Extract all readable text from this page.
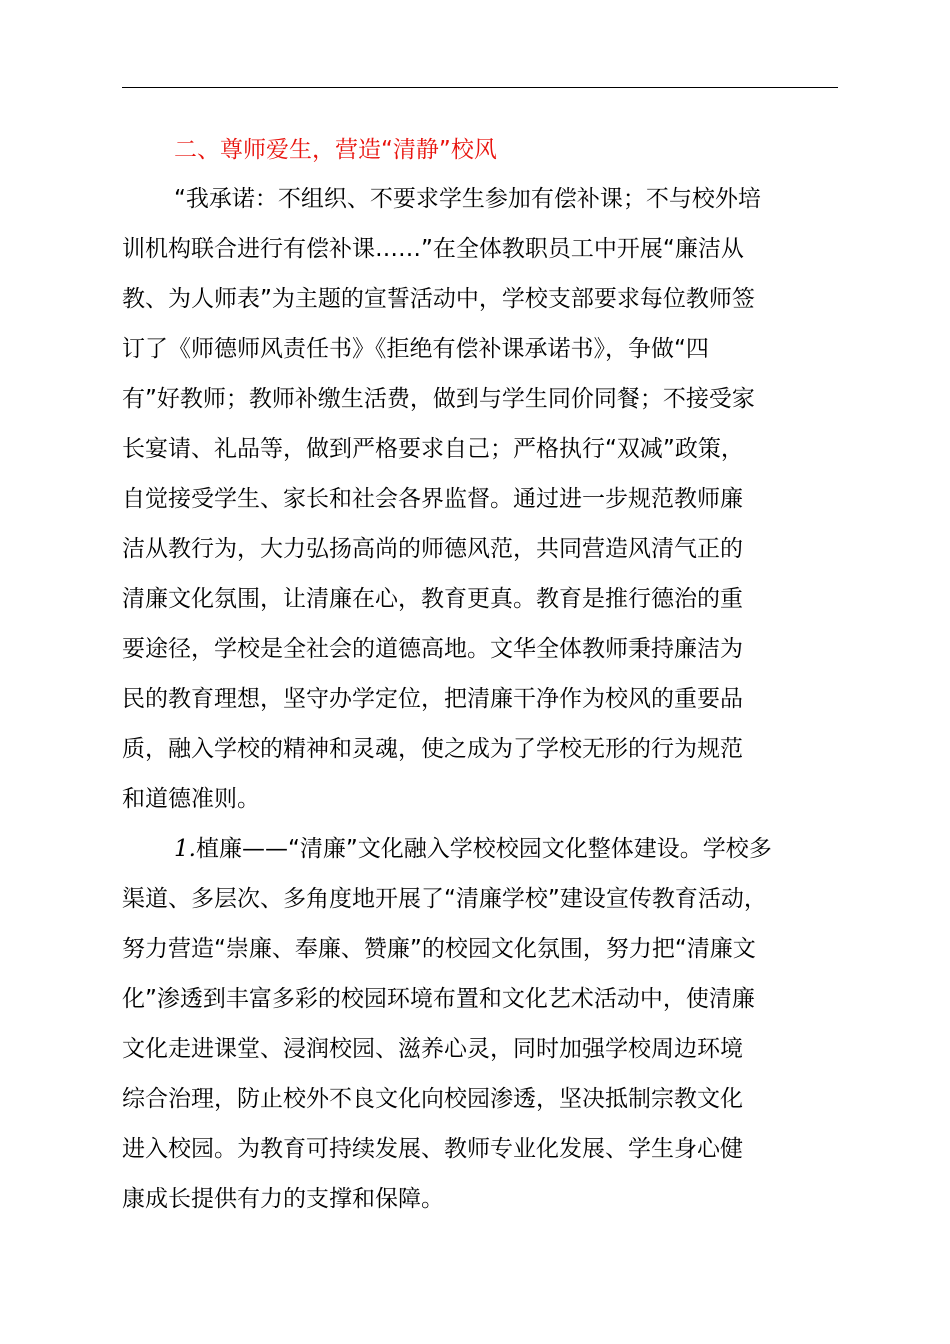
二、尊师爱生，营造“清静”校风

“我承诺：不组织、不要求学生参加有偿补课；不与校外培
训机构联合进行有偿补课……”在全体教职员工中开展“廉洁从
教、为人师表”为主题的宣誓活动中，学校支部要求每位教师签
订了《师德师风责任书》《拒绝有偿补课承诺书》，争做“四
有”好教师；教师补缴生活费，做到与学生同价同餐；不接受家
长宴请、礼品等，做到严格要求自己；严格执行“双减”政策，
自觉接受学生、家长和社会各界监督。通过进一步规范教师廉
洁从教行为，大力弘扬高尚的师德风范，共同营造风清气正的
清廉文化氛围，让清廉在心，教育更真。教育是推行德治的重
要途径，学校是全社会的道德高地。文华全体教师秉持廉洁为
民的教育理想，坚守办学定位，把清廉干净作为校风的重要品
质，融入学校的精神和灵魂，使之成为了学校无形的行为规范
和道德准则。

1.植廉——“清廉”文化融入学校校园文化整体建设。学校多
渠道、多层次、多角度地开展了“清廉学校”建设宣传教育活动，
努力营造“崇廉、奉廉、赞廉”的校园文化氛围，努力把“清廉文
化”渗透到丰富多彩的校园环境布置和文化艺术活动中，使清廉
文化走进课堂、浸润校园、滋养心灵，同时加强学校周边环境
综合治理，防止校外不良文化向校园渗透，坚决抵制宗教文化
进入校园。为教育可持续发展、教师专业化发展、学生身心健
康成长提供有力的支撑和保障。
